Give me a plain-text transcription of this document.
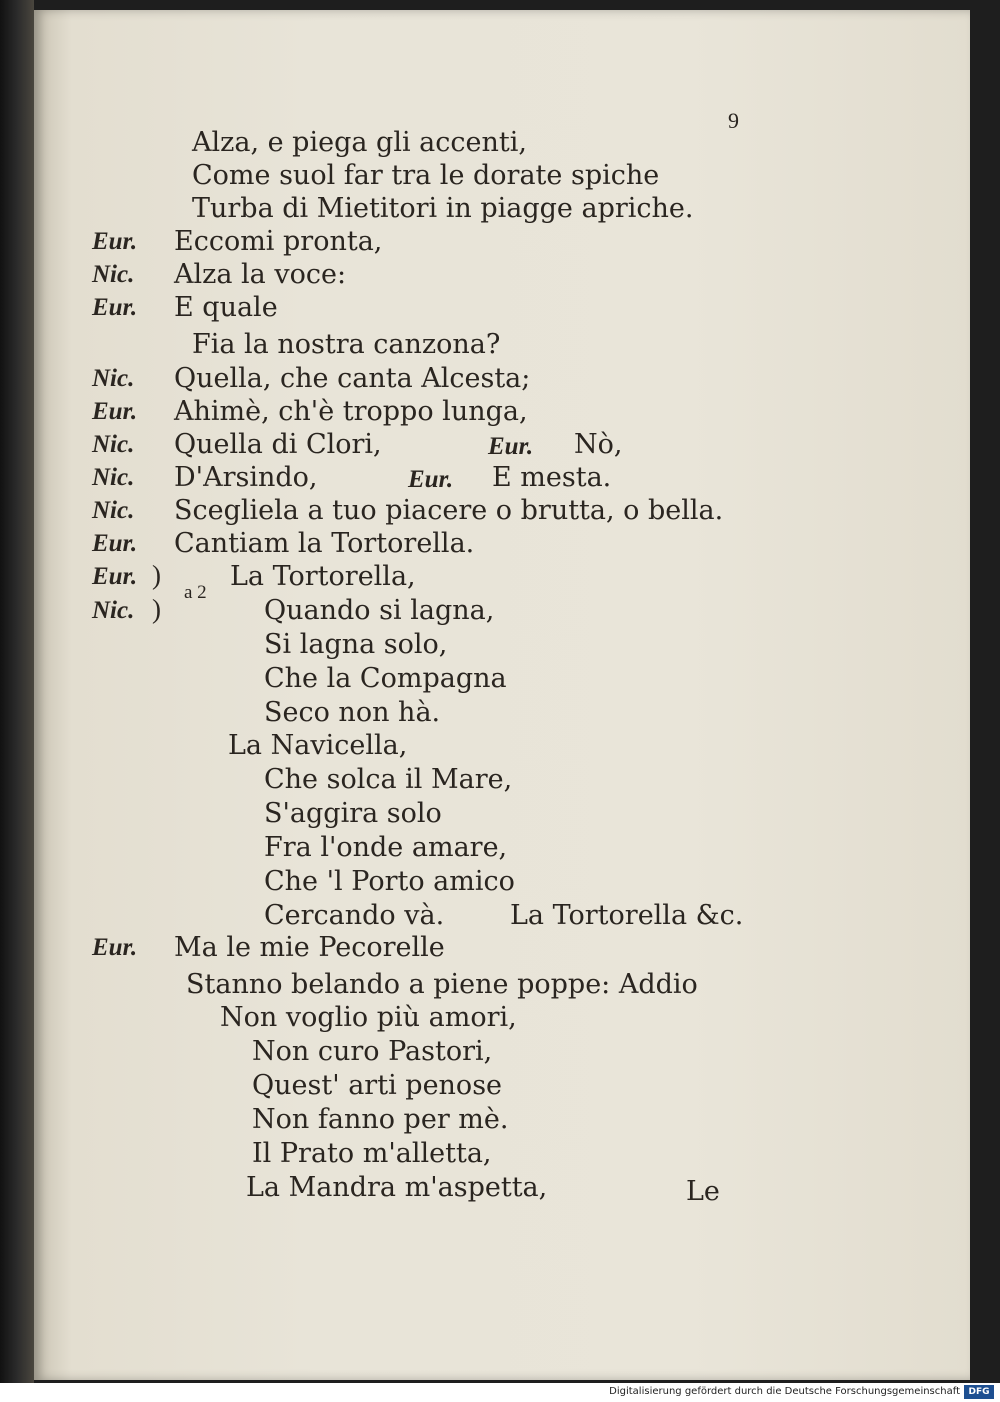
9
Alza, e piega gli accenti,
Come suol far tra le dorate spiche
Turba di Mietitori in piagge apriche.
Eur. Eccomi pronta,
Nic. Alza la voce:
Eur. E quale
Fia la nostra canzona?
Nic. Quella, che canta Alcesta;
Eur. Ahimè, ch'è troppo lunga,
Nic. Quella di Clori,	Eur. Nò,
Nic. D'Arsindo,	Eur. E mesta.
Nic. Scegliela a tuo piacere o brutta, o bella.
Eur. Cantiam la Tortorella.
Eur. )	La Tortorella,
a 2
Nic. )	Quando si lagna,
Si lagna solo,
Che la Compagna
Seco non hà.
La Navicella,
Che solca il Mare,
S'aggira solo
Fra l'onde amare,
Che 'l Porto amico
Cercando và. La Tortorella &c.
Eur. Ma le mie Pecorelle
Stanno belando a piene poppe: Addio
Non voglio più amori,
Non curo Pastori,
Quest' arti penose
Non fanno per mè.
Il Prato m'alletta,
La Mandra m'aspetta,	Le
Digitalisierung gefördert durch die Deutsche Forschungsgemeinschaft DFG
